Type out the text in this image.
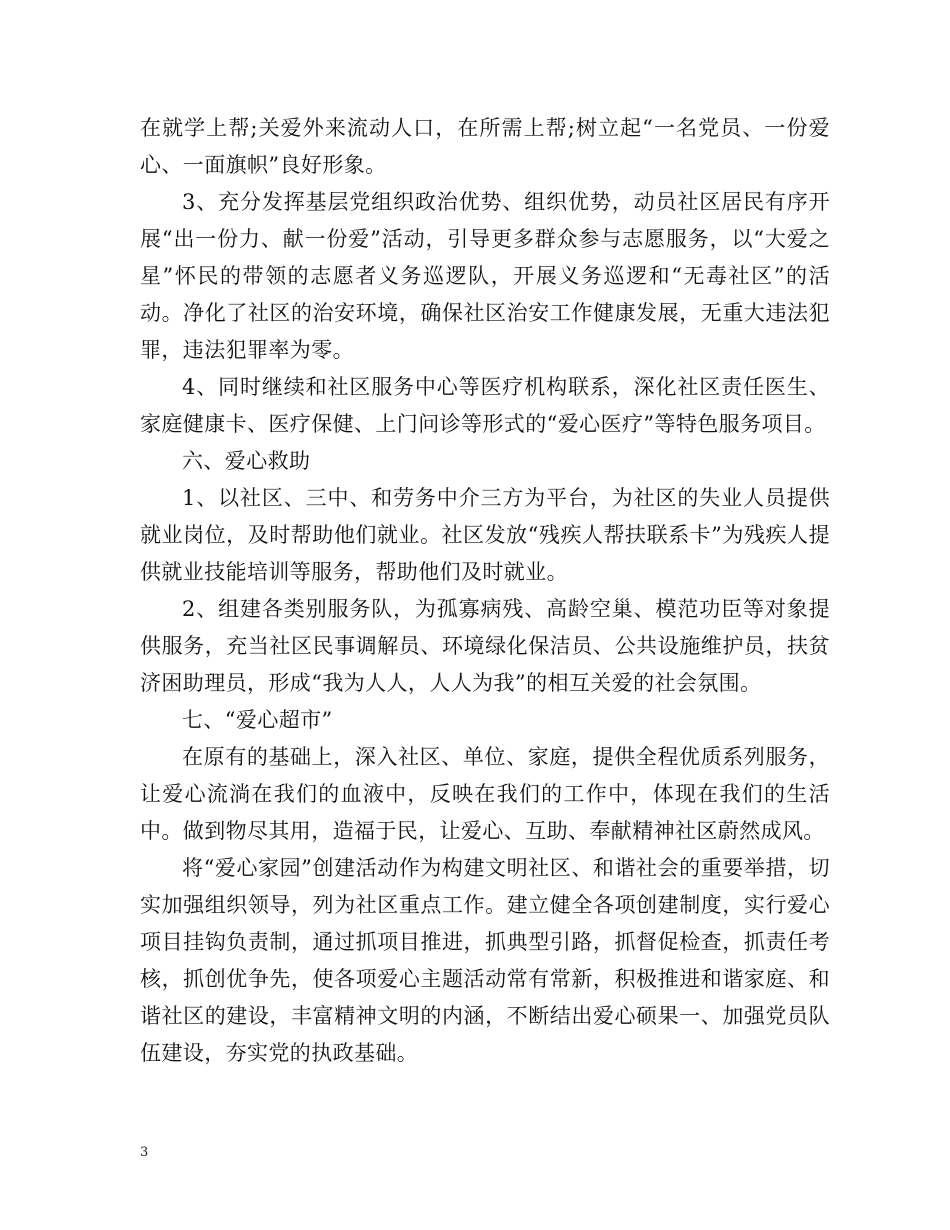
在就学上帮;关爱外来流动人口，在所需上帮;树立起“一名党员、一份爱心、一面旗帜”良好形象。

3、充分发挥基层党组织政治优势、组织优势，动员社区居民有序开展“出一份力、献一份爱”活动，引导更多群众参与志愿服务，以“大爱之星”怀民的带领的志愿者义务巡逻队，开展义务巡逻和“无毒社区”的活动。净化了社区的治安环境，确保社区治安工作健康发展，无重大违法犯罪，违法犯罪率为零。

4、同时继续和社区服务中心等医疗机构联系，深化社区责任医生、家庭健康卡、医疗保健、上门问诊等形式的“爱心医疗”等特色服务项目。

六、爱心救助

1、以社区、三中、和劳务中介三方为平台，为社区的失业人员提供就业岗位，及时帮助他们就业。社区发放“残疾人帮扶联系卡”为残疾人提供就业技能培训等服务，帮助他们及时就业。

2、组建各类别服务队，为孤寡病残、高龄空巢、模范功臣等对象提供服务，充当社区民事调解员、环境绿化保洁员、公共设施维护员，扶贫济困助理员，形成“我为人人，人人为我”的相互关爱的社会氛围。

七、“爱心超市”

在原有的基础上，深入社区、单位、家庭，提供全程优质系列服务，让爱心流淌在我们的血液中，反映在我们的工作中，体现在我们的生活中。做到物尽其用，造福于民，让爱心、互助、奉献精神社区蔚然成风。

将“爱心家园”创建活动作为构建文明社区、和谐社会的重要举措，切实加强组织领导，列为社区重点工作。建立健全各项创建制度，实行爱心项目挂钩负责制，通过抓项目推进，抓典型引路，抓督促检查，抓责任考核，抓创优争先，使各项爱心主题活动常有常新，积极推进和谐家庭、和谐社区的建设，丰富精神文明的内涵，不断结出爱心硕果一、加强党员队伍建设，夯实党的执政基础。

3
